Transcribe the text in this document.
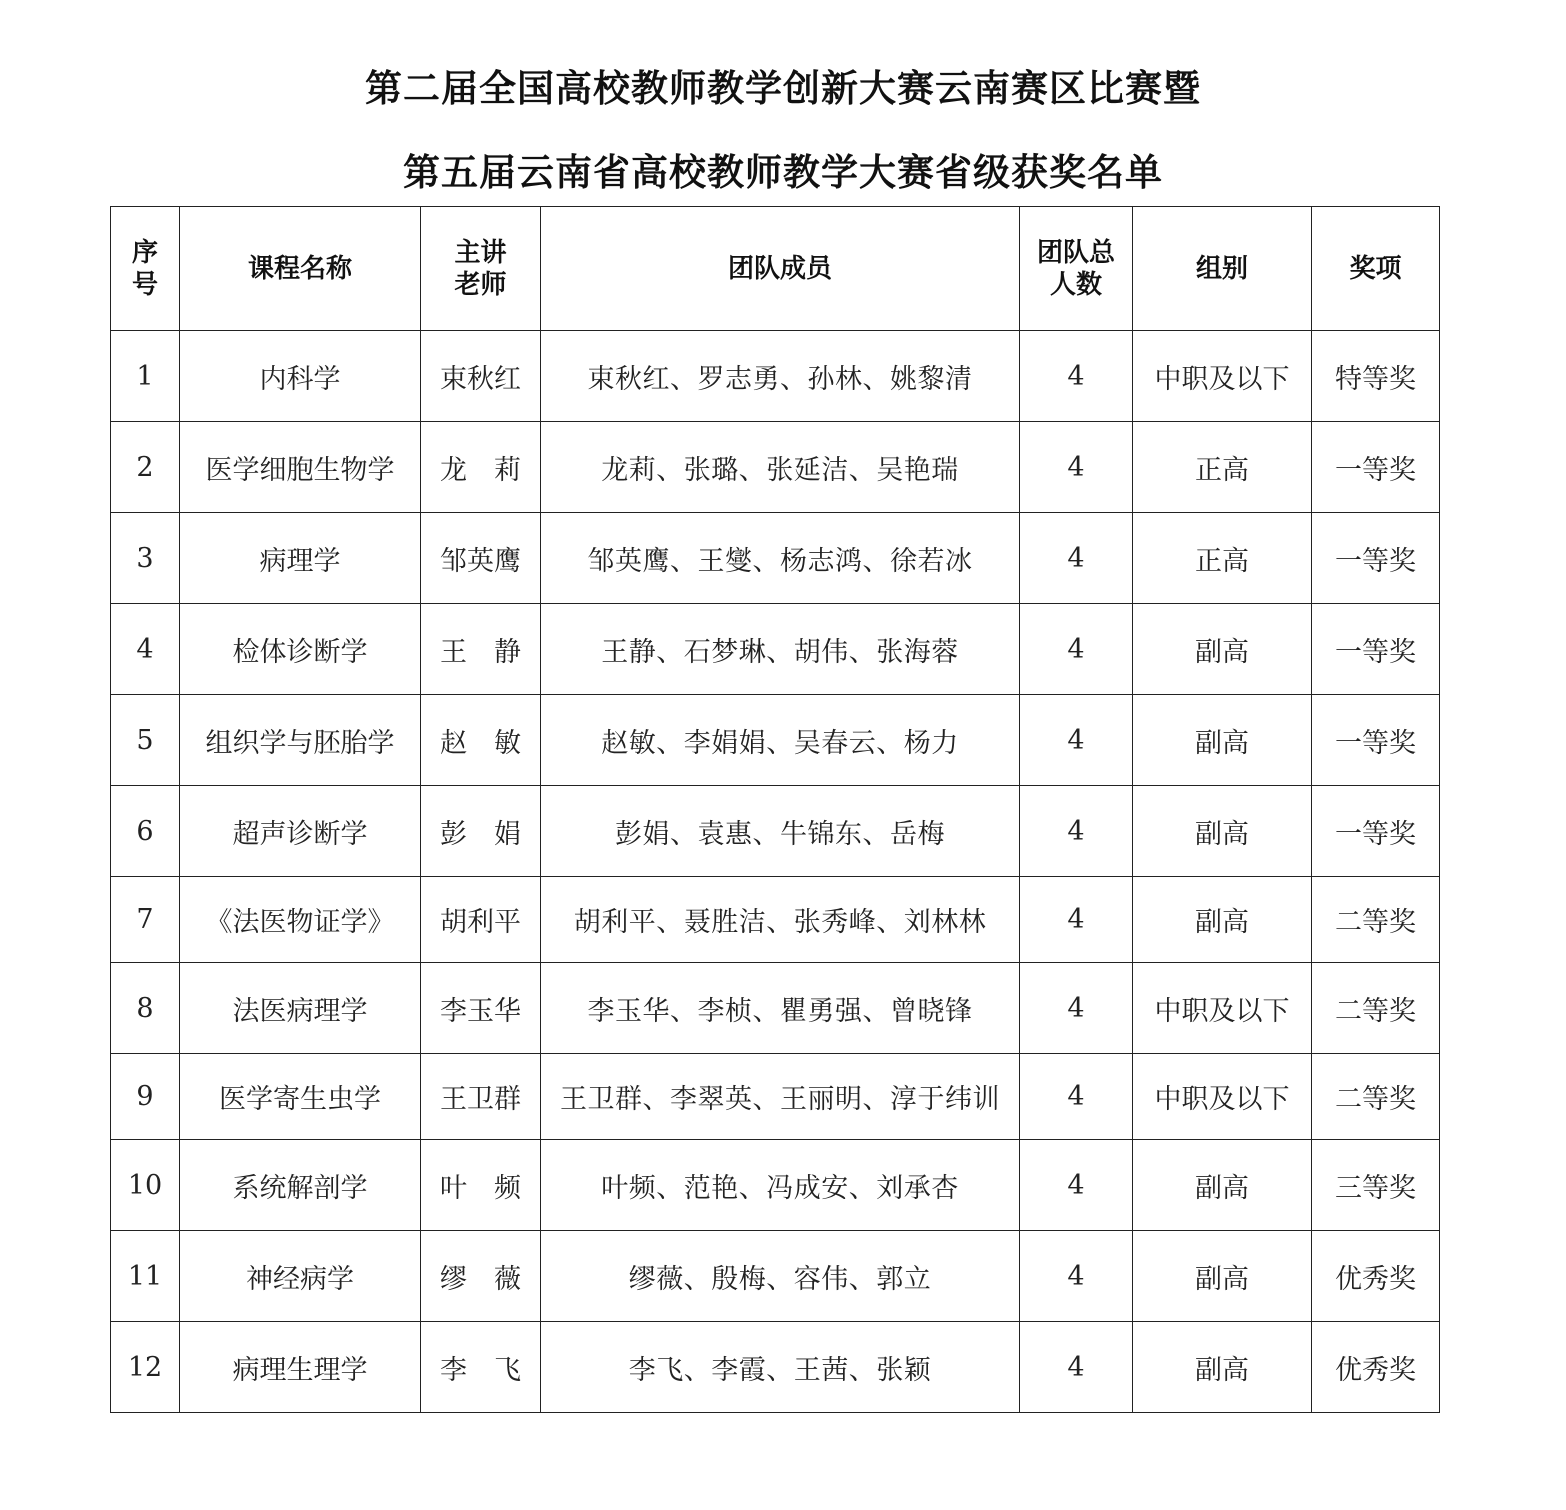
第二届全国高校教师教学创新大赛云南赛区比赛暨
第五届云南省高校教师教学大赛省级获奖名单
序号	课程名称	主讲老师	团队成员	团队总人数	组别	奖项
1	内科学	束秋红	束秋红、罗志勇、孙林、姚黎清	4	中职及以下	特等奖
2	医学细胞生物学	龙　莉	龙莉、张璐、张延洁、吴艳瑞	4	正高	一等奖
3	病理学	邹英鹰	邹英鹰、王燮、杨志鸿、徐若冰	4	正高	一等奖
4	检体诊断学	王　静	王静、石梦琳、胡伟、张海蓉	4	副高	一等奖
5	组织学与胚胎学	赵　敏	赵敏、李娟娟、吴春云、杨力	4	副高	一等奖
6	超声诊断学	彭　娟	彭娟、袁惠、牛锦东、岳梅	4	副高	一等奖
7	《法医物证学》	胡利平	胡利平、聂胜洁、张秀峰、刘林林	4	副高	二等奖
8	法医病理学	李玉华	李玉华、李桢、瞿勇强、曾晓锋	4	中职及以下	二等奖
9	医学寄生虫学	王卫群	王卫群、李翠英、王丽明、淳于纬训	4	中职及以下	二等奖
10	系统解剖学	叶　频	叶频、范艳、冯成安、刘承杏	4	副高	三等奖
11	神经病学	缪　薇	缪薇、殷梅、容伟、郭立	4	副高	优秀奖
12	病理生理学	李　飞	李飞、李霞、王茜、张颖	4	副高	优秀奖
